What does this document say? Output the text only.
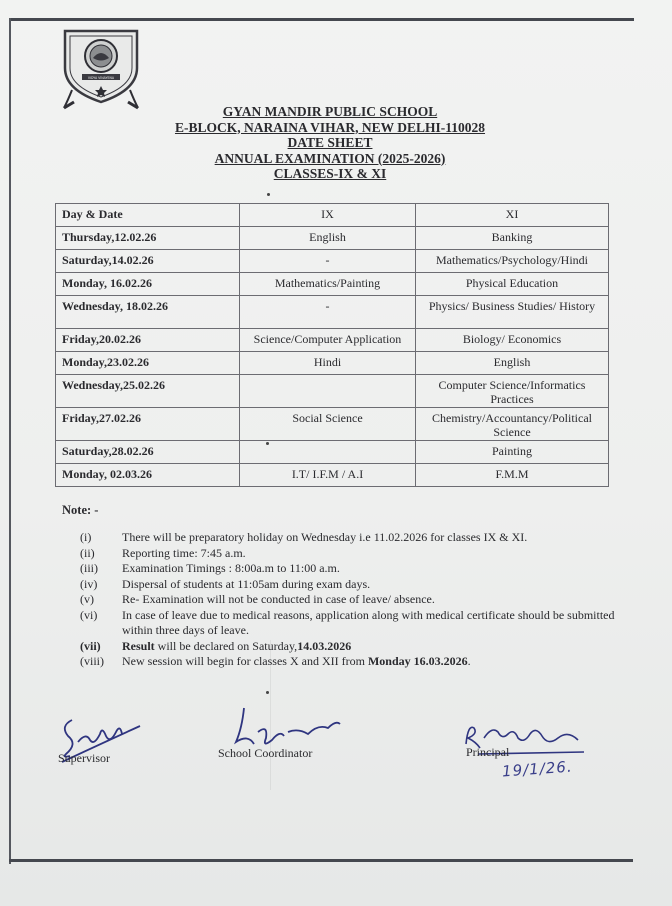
VIDYA VINAYENA
GYAN MANDIR PUBLIC SCHOOL
E-BLOCK, NARAINA VIHAR, NEW DELHI-110028
DATE SHEET
ANNUAL EXAMINATION (2025-2026)
CLASSES-IX & XI
Day & Date	IX	XI
Thursday,12.02.26	English	Banking
Saturday,14.02.26	-	Mathematics/Psychology/Hindi
Monday, 16.02.26	Mathematics/Painting	Physical Education
Wednesday, 18.02.26	-	Physics/ Business Studies/ History
Friday,20.02.26	Science/Computer Application	Biology/ Economics
Monday,23.02.26	Hindi	English
Wednesday,25.02.26		Computer Science/Informatics Practices
Friday,27.02.26	Social Science	Chemistry/Accountancy/Political Science
Saturday,28.02.26		Painting
Monday, 02.03.26	I.T/ I.F.M / A.I	F.M.M
Note: -
(i)	There will be preparatory holiday on Wednesday i.e 11.02.2026 for classes IX & XI.
(ii)	Reporting time: 7:45 a.m.
(iii)	Examination Timings : 8:00a.m to 11:00 a.m.
(iv)	Dispersal of students at 11:05am during exam days.
(v)	Re- Examination will not be conducted in case of leave/ absence.
(vi)	In case of leave due to medical reasons, application along with medical certificate should be submitted within three days of leave.
(vii)	Result will be declared on Saturday,14.03.2026
(viii)	New session will begin for classes X and XII from Monday 16.03.2026.
Supervisor	School Coordinator	Principal
19/1/26.
